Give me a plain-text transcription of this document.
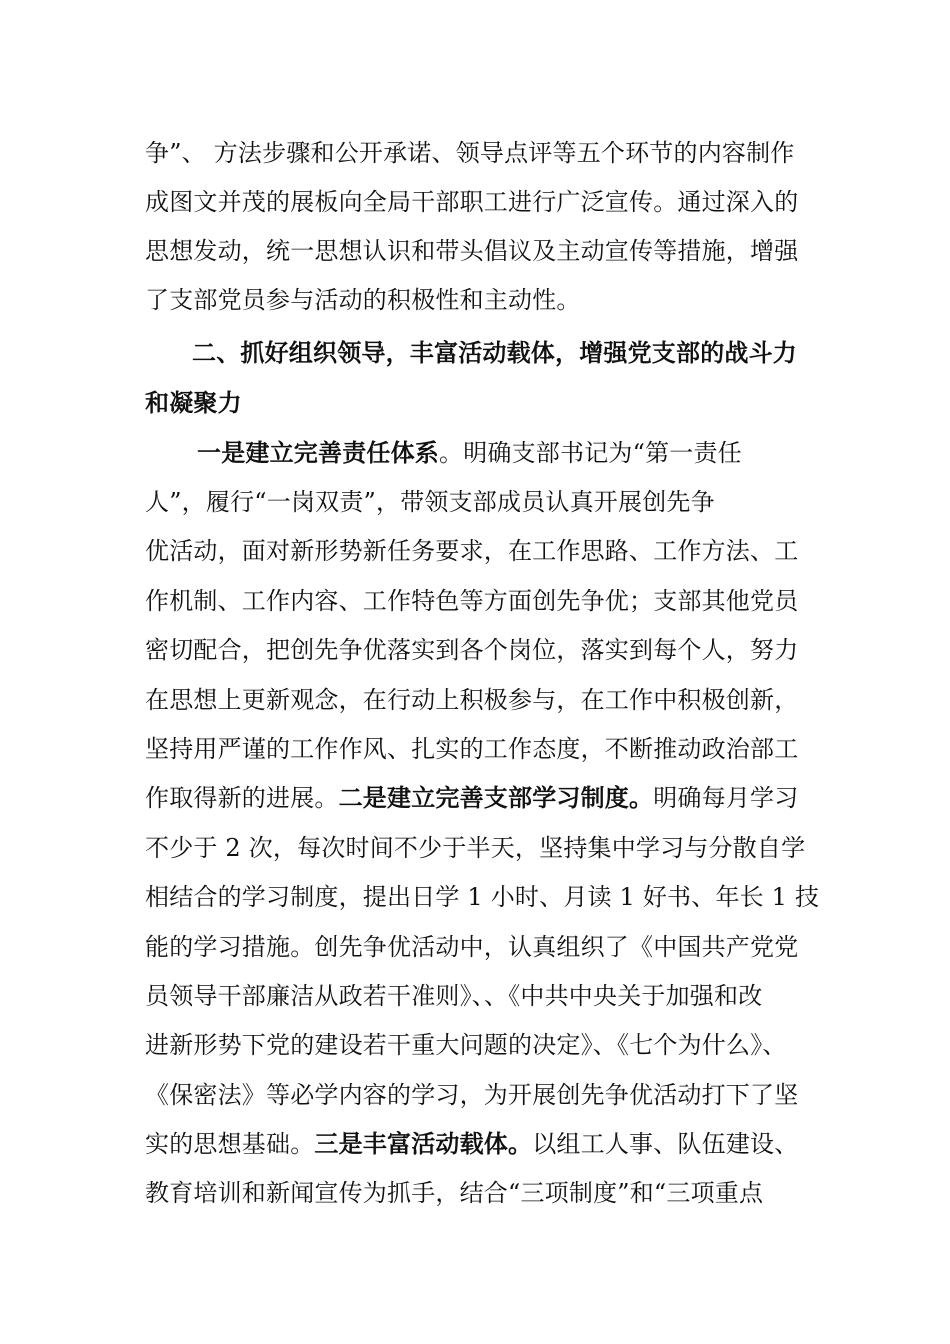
争”、 方法步骤和公开承诺、领导点评等五个环节的内容制作
成图文并茂的展板向全局干部职工进行广泛宣传。通过深入的
思想发动，统一思想认识和带头倡议及主动宣传等措施，增强
了支部党员参与活动的积极性和主动性。
二、抓好组织领导，丰富活动载体，增强党支部的战斗力
和凝聚力
一是建立完善责任体系。明确支部书记为“第一责任
人”，履行“一岗双责”，带领支部成员认真开展创先争
优活动，面对新形势新任务要求，在工作思路、工作方法、工
作机制、工作内容、工作特色等方面创先争优；支部其他党员
密切配合，把创先争优落实到各个岗位，落实到每个人，努力
在思想上更新观念，在行动上积极参与，在工作中积极创新，
坚持用严谨的工作作风、扎实的工作态度，不断推动政治部工
作取得新的进展。二是建立完善支部学习制度。明确每月学习
不少于 2 次，每次时间不少于半天，坚持集中学习与分散自学
相结合的学习制度，提出日学 1 小时、月读 1 好书、年长 1 技
能的学习措施。创先争优活动中，认真组织了《中国共产党党
员领导干部廉洁从政若干准则》、、《中共中央关于加强和改
进新形势下党的建设若干重大问题的决定》、《七个为什么》、
《保密法》等必学内容的学习，为开展创先争优活动打下了坚
实的思想基础。三是丰富活动载体。以组工人事、队伍建设、
教育培训和新闻宣传为抓手，结合“三项制度”和“三项重点
